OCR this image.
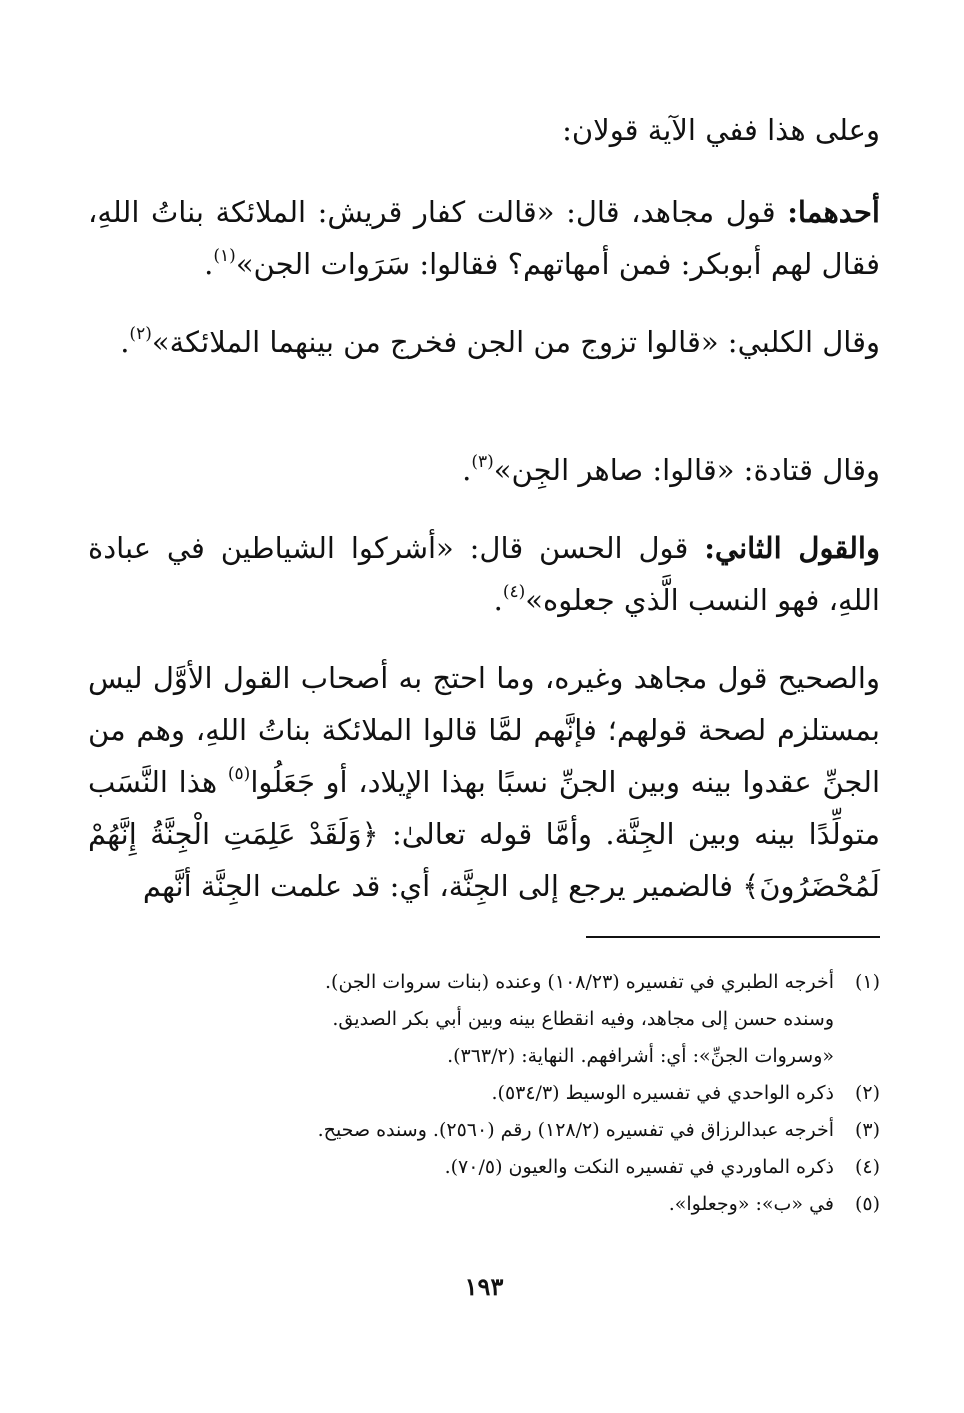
وعلى هذا ففي الآية قولان:

أحدهما: قول مجاهد، قال: «قالت كفار قريش: الملائكة بناتُ اللهِ، فقال لهم أبوبكر: فمن أمهاتهم؟ فقالوا: سَرَوات الجن»$^{(١)}$.

وقال الكلبي: «قالوا تزوج من الجن فخرج من بينهما الملائكة»$^{(٢)}$.

وقال قتادة: «قالوا: صاهر الجِن»$^{(٣)}$.

والقول الثاني: قول الحسن قال: «أشركوا الشياطين في عبادة اللهِ، فهو النسب الَّذي جعلوه»$^{(٤)}$.

والصحيح قول مجاهد وغيره، وما احتج به أصحاب القول الأوَّل ليس بمستلزم لصحة قولهم؛ فإنَّهم لمَّا قالوا الملائكة بناتُ اللهِ، وهم من الجنِّ عقدوا بينه وبين الجنِّ نسبًا بهذا الإيلاد، أو جَعَلُوا$^{(٥)}$ هذا النَّسَب متولِّدًا بينه وبين الجِنَّة. وأمَّا قوله تعالىٰ: ﴿وَلَقَدْ عَلِمَتِ الْجِنَّةُ إِنَّهُمْ لَمُحْضَرُونَ﴾ فالضمير يرجع إلى الجِنَّة، أي: قد علمت الجِنَّة أنَّهم

(١)
أخرجه الطبري في تفسيره (١٠٨/٢٣) وعنده (بنات سروات الجن).
وسنده حسن إلى مجاهد، وفيه انقطاع بينه وبين أبي بكر الصديق.
«وسروات الجنِّ»: أي: أشرافهم. النهاية: (٣٦٣/٢).
(٢)
ذكره الواحدي في تفسيره الوسيط (٥٣٤/٣).
(٣)
أخرجه عبدالرزاق في تفسيره (١٢٨/٢) رقم (٢٥٦٠). وسنده صحيح.
(٤)
ذكره الماوردي في تفسيره النكت والعيون (٧٠/٥).
(٥)
في «ب»: «وجعلوا».
١٩٣
